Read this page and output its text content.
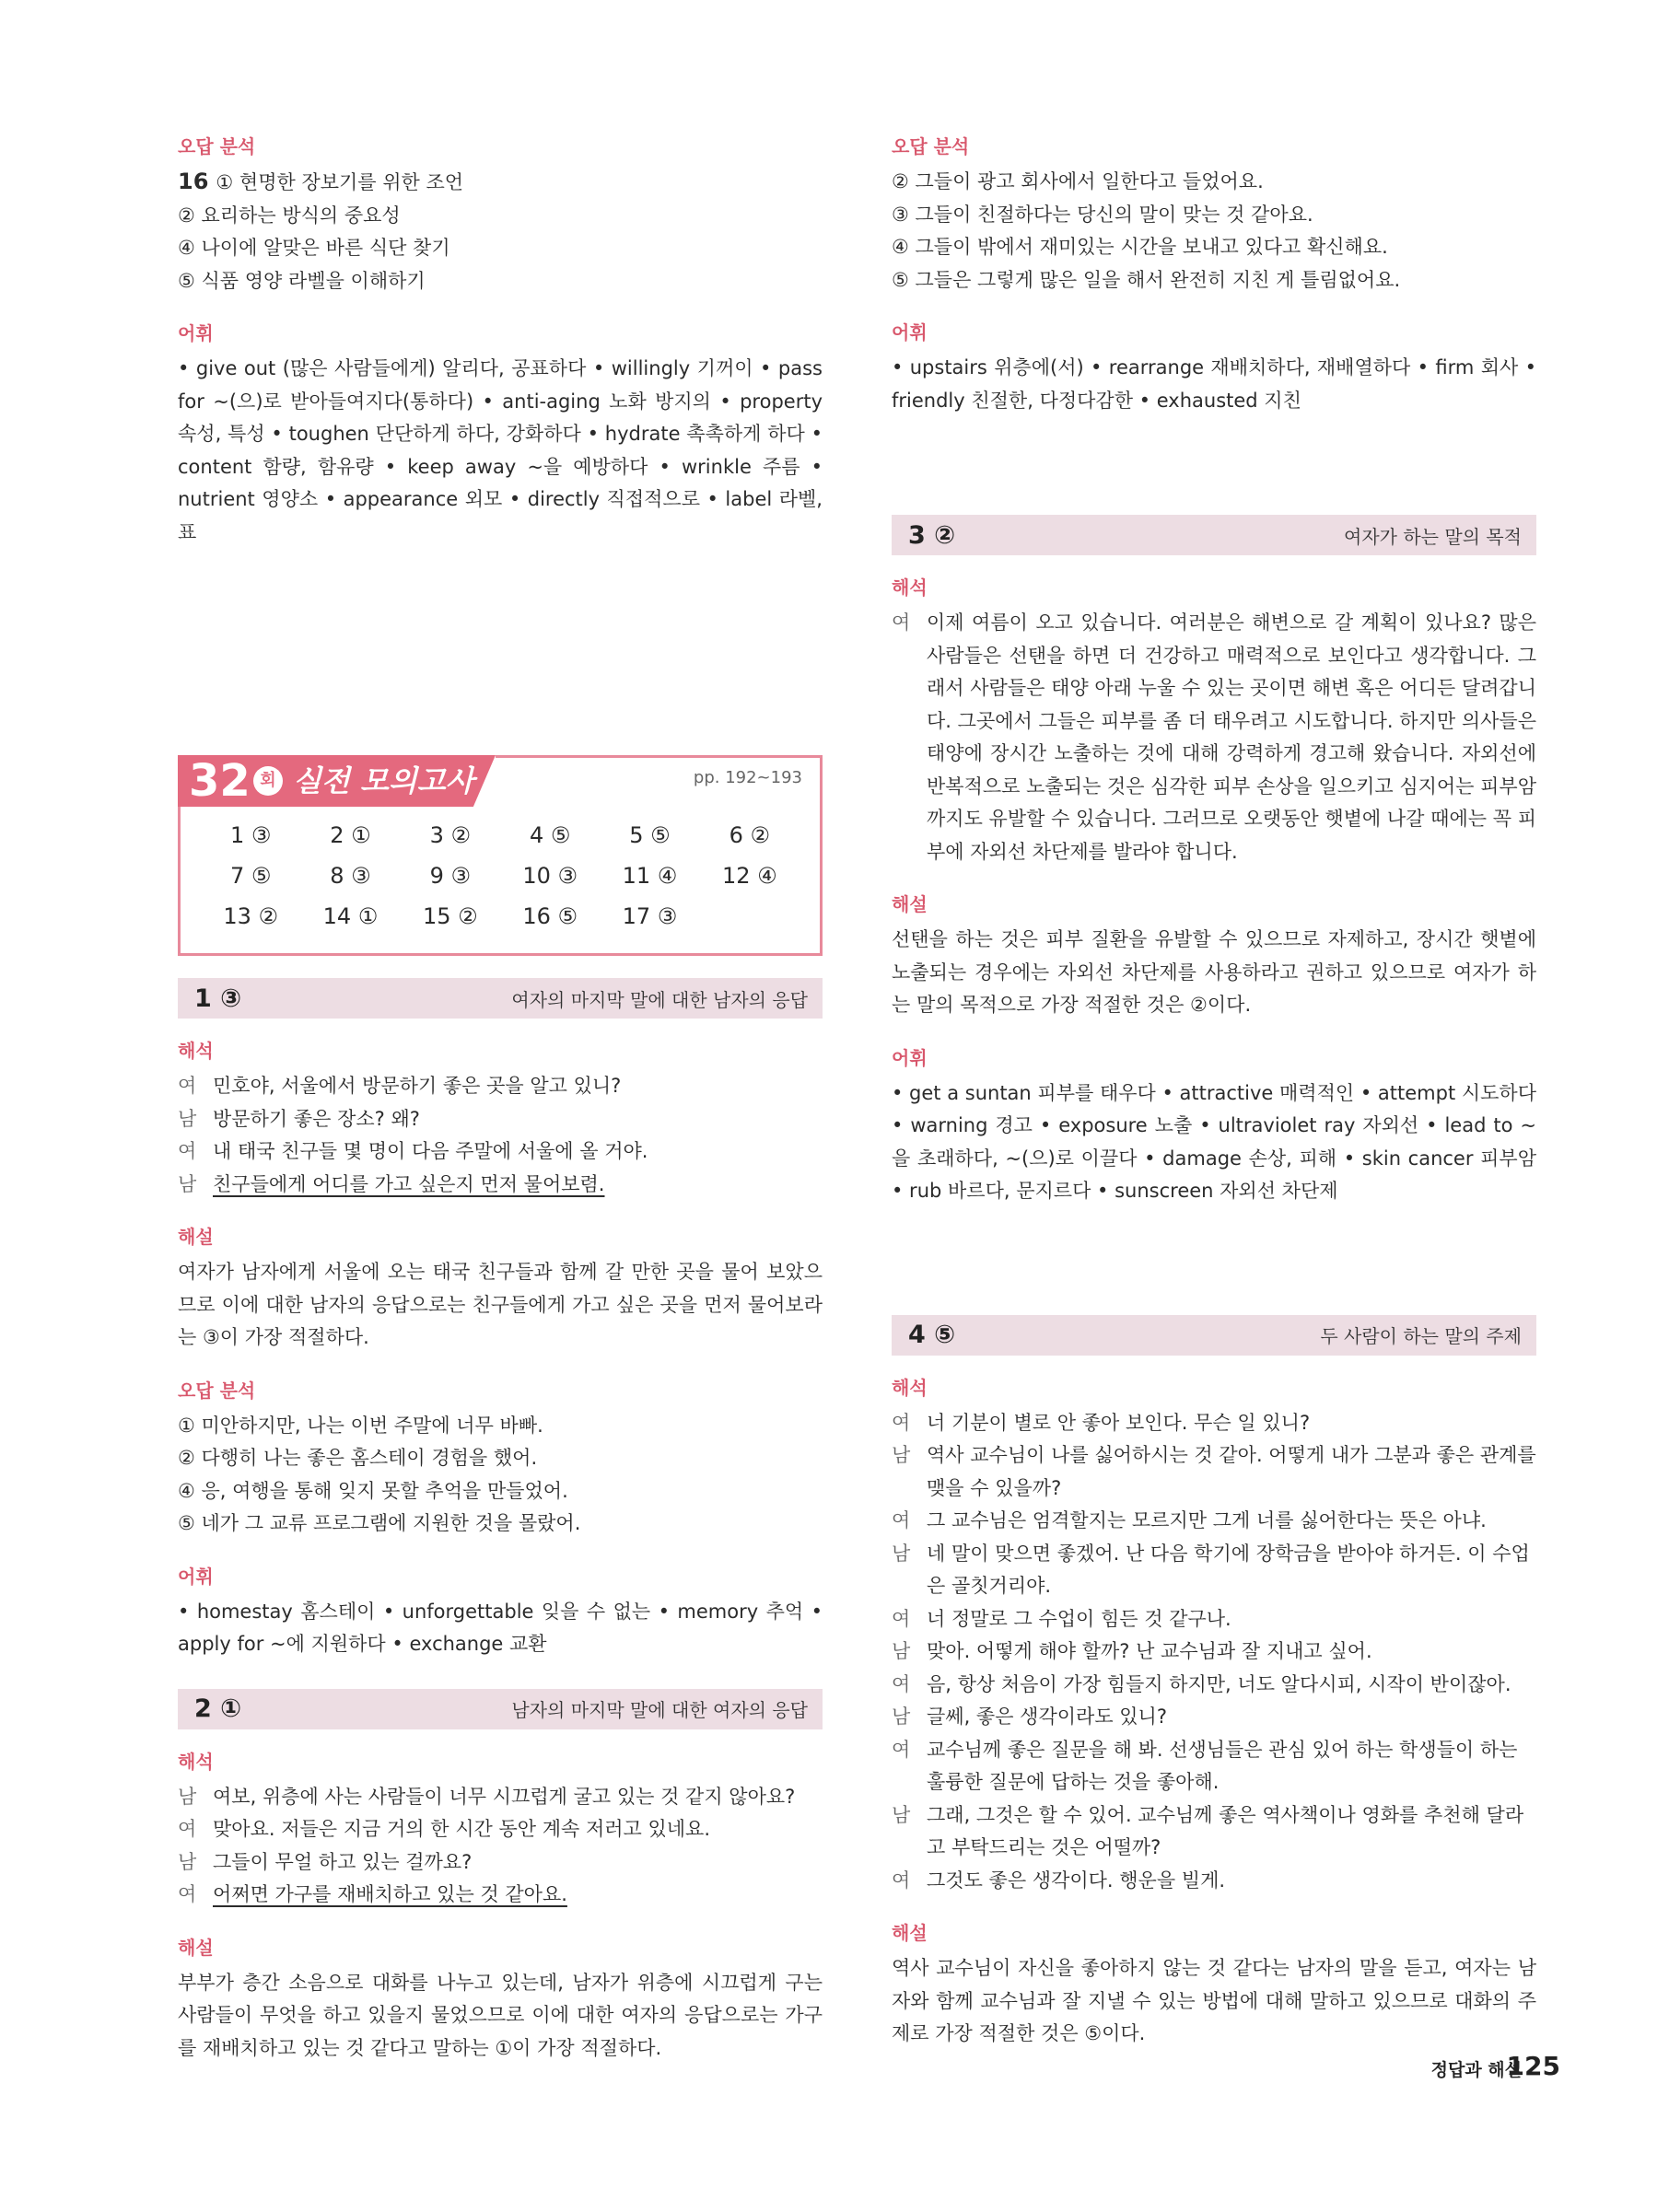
오답 분석
16 ① 현명한 장보기를 위한 조언
② 요리하는 방식의 중요성
④ 나이에 알맞은 바른 식단 찾기
⑤ 식품 영양 라벨을 이해하기
어휘
• give out (많은 사람들에게) 알리다, 공표하다 • willingly 기꺼이 • pass for ~(으)로 받아들여지다(통하다) • anti-aging 노화 방지의 • property 속성, 특성 • toughen 단단하게 하다, 강화하다 • hydrate 촉촉하게 하다 • content 함량, 함유량 • keep away ~을 예방하다 • wrinkle 주름 • nutrient 영양소 • appearance 외모 • directly 직접적으로 • label 라벨, 표
32 회 실전 모의고사	pp. 192~193
1 ③	2 ①	3 ②	4 ⑤	5 ⑤	6 ②
7 ⑤	8 ③	9 ③	10 ③	11 ④	12 ④
13 ②	14 ①	15 ②	16 ⑤	17 ③
1 ③	여자의 마지막 말에 대한 남자의 응답
해석
여 민호야, 서울에서 방문하기 좋은 곳을 알고 있니?
남 방문하기 좋은 장소? 왜?
여 내 태국 친구들 몇 명이 다음 주말에 서울에 올 거야.
남 친구들에게 어디를 가고 싶은지 먼저 물어보렴.
해설
여자가 남자에게 서울에 오는 태국 친구들과 함께 갈 만한 곳을 물어 보았으므로 이에 대한 남자의 응답으로는 친구들에게 가고 싶은 곳을 먼저 물어보라는 ③이 가장 적절하다.
오답 분석
① 미안하지만, 나는 이번 주말에 너무 바빠.
② 다행히 나는 좋은 홈스테이 경험을 했어.
④ 응, 여행을 통해 잊지 못할 추억을 만들었어.
⑤ 네가 그 교류 프로그램에 지원한 것을 몰랐어.
어휘
• homestay 홈스테이 • unforgettable 잊을 수 없는 • memory 추억 • apply for ~에 지원하다 • exchange 교환
2 ①	남자의 마지막 말에 대한 여자의 응답
해석
남 여보, 위층에 사는 사람들이 너무 시끄럽게 굴고 있는 것 같지 않아요?
여 맞아요. 저들은 지금 거의 한 시간 동안 계속 저러고 있네요.
남 그들이 무얼 하고 있는 걸까요?
여 어쩌면 가구를 재배치하고 있는 것 같아요.
해설
부부가 층간 소음으로 대화를 나누고 있는데, 남자가 위층에 시끄럽게 구는 사람들이 무엇을 하고 있을지 물었으므로 이에 대한 여자의 응답으로는 가구를 재배치하고 있는 것 같다고 말하는 ①이 가장 적절하다.
오답 분석
② 그들이 광고 회사에서 일한다고 들었어요.
③ 그들이 친절하다는 당신의 말이 맞는 것 같아요.
④ 그들이 밖에서 재미있는 시간을 보내고 있다고 확신해요.
⑤ 그들은 그렇게 많은 일을 해서 완전히 지친 게 틀림없어요.
어휘
• upstairs 위층에(서) • rearrange 재배치하다, 재배열하다 • firm 회사 • friendly 친절한, 다정다감한 • exhausted 지친
3 ②	여자가 하는 말의 목적
해석
여 이제 여름이 오고 있습니다. 여러분은 해변으로 갈 계획이 있나요? 많은 사람들은 선탠을 하면 더 건강하고 매력적으로 보인다고 생각합니다. 그래서 사람들은 태양 아래 누울 수 있는 곳이면 해변 혹은 어디든 달려갑니다. 그곳에서 그들은 피부를 좀 더 태우려고 시도합니다. 하지만 의사들은 태양에 장시간 노출하는 것에 대해 강력하게 경고해 왔습니다. 자외선에 반복적으로 노출되는 것은 심각한 피부 손상을 일으키고 심지어는 피부암까지도 유발할 수 있습니다. 그러므로 오랫동안 햇볕에 나갈 때에는 꼭 피부에 자외선 차단제를 발라야 합니다.
해설
선탠을 하는 것은 피부 질환을 유발할 수 있으므로 자제하고, 장시간 햇볕에 노출되는 경우에는 자외선 차단제를 사용하라고 권하고 있으므로 여자가 하는 말의 목적으로 가장 적절한 것은 ②이다.
어휘
• get a suntan 피부를 태우다 • attractive 매력적인 • attempt 시도하다 • warning 경고 • exposure 노출 • ultraviolet ray 자외선 • lead to ~을 초래하다, ~(으)로 이끌다 • damage 손상, 피해 • skin cancer 피부암 • rub 바르다, 문지르다 • sunscreen 자외선 차단제
4 ⑤	두 사람이 하는 말의 주제
해석
여 너 기분이 별로 안 좋아 보인다. 무슨 일 있니?
남 역사 교수님이 나를 싫어하시는 것 같아. 어떻게 내가 그분과 좋은 관계를 맺을 수 있을까?
여 그 교수님은 엄격할지는 모르지만 그게 너를 싫어한다는 뜻은 아냐.
남 네 말이 맞으면 좋겠어. 난 다음 학기에 장학금을 받아야 하거든. 이 수업은 골칫거리야.
여 너 정말로 그 수업이 힘든 것 같구나.
남 맞아. 어떻게 해야 할까? 난 교수님과 잘 지내고 싶어.
여 음, 항상 처음이 가장 힘들지 하지만, 너도 알다시피, 시작이 반이잖아.
남 글쎄, 좋은 생각이라도 있니?
여 교수님께 좋은 질문을 해 봐. 선생님들은 관심 있어 하는 학생들이 하는 훌륭한 질문에 답하는 것을 좋아해.
남 그래, 그것은 할 수 있어. 교수님께 좋은 역사책이나 영화를 추천해 달라고 부탁드리는 것은 어떨까?
여 그것도 좋은 생각이다. 행운을 빌게.
해설
역사 교수님이 자신을 좋아하지 않는 것 같다는 남자의 말을 듣고, 여자는 남자와 함께 교수님과 잘 지낼 수 있는 방법에 대해 말하고 있으므로 대화의 주제로 가장 적절한 것은 ⑤이다.
정답과 해설
125
